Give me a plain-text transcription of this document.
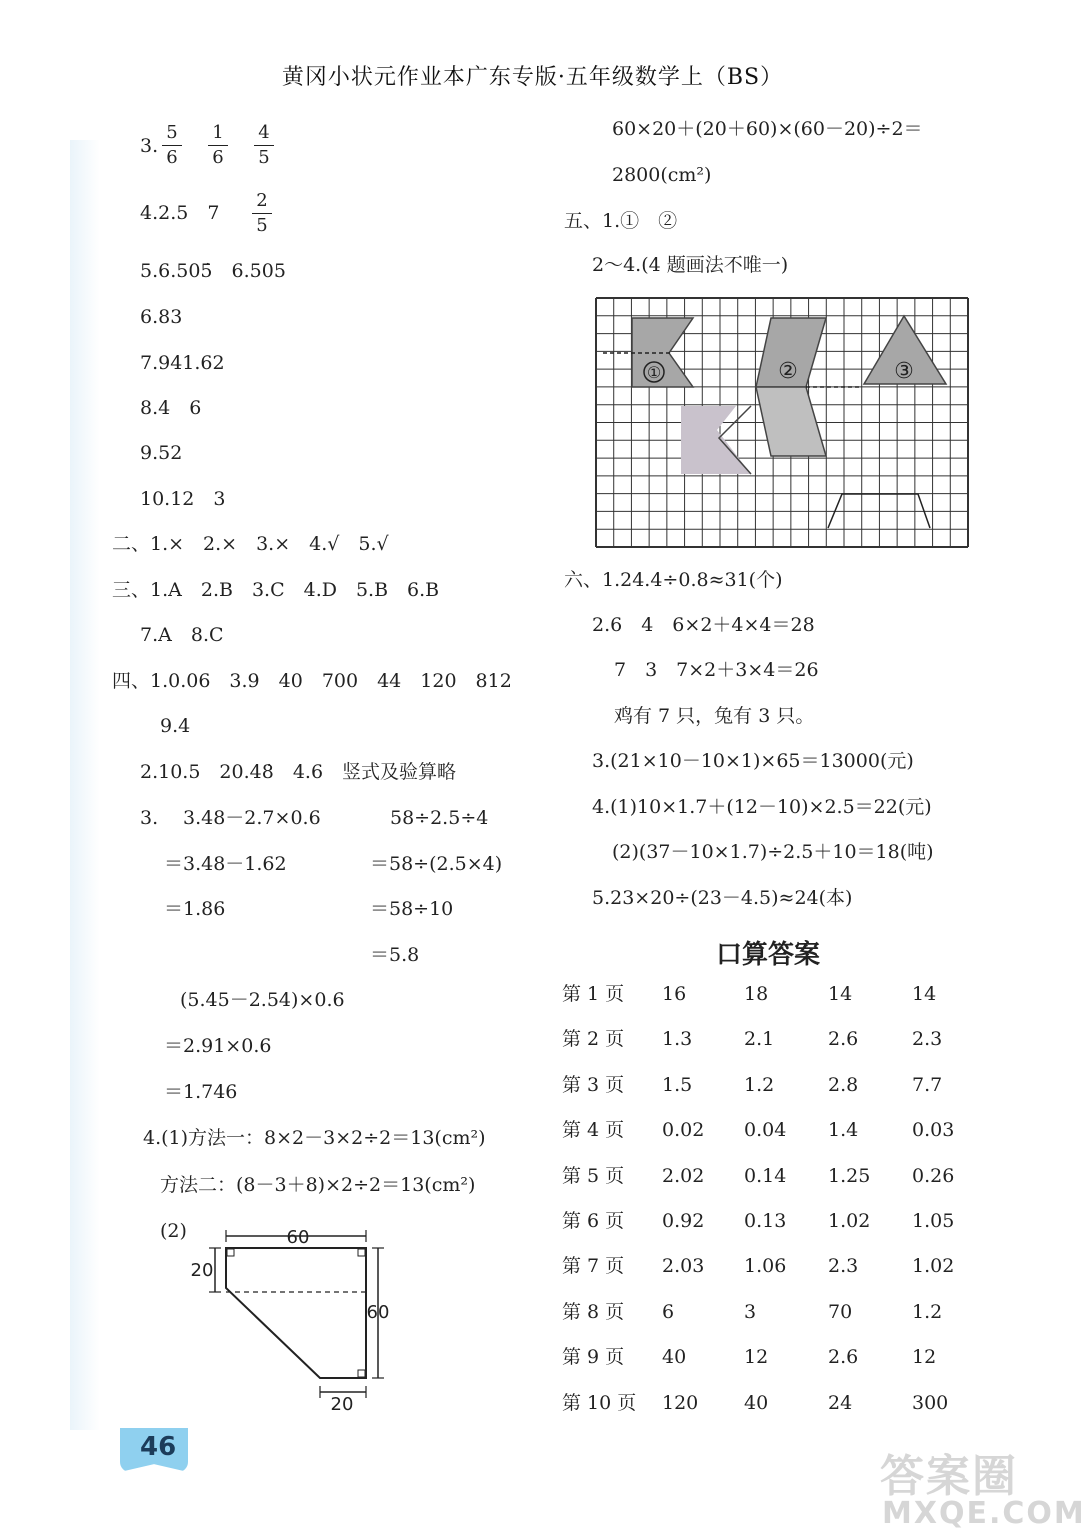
黄冈小状元作业本广东专版·五年级数学上（BS）
3.
5
6
1
6
4
5
4.2.5　7
2
5
5.6.505̇　6.505
6.83
7.941.62
8.4　6
9.52
10.12　3
二、1.×　2.×　3.×　4.√　5.√
三、1.A　2.B　3.C　4.D　5.B　6.B
7.A　8.C
四、1.0.06　3.9　40　700　44　120　812
9.4
2.10.5　20.48̇　4.6　竖式及验算略
3. 3.48－2.7×0.6
＝3.48－1.62
＝1.86
58÷2.5÷4
＝58÷(2.5×4)
＝58÷10
＝5.8
(5.45－2.54)×0.6
＝2.91×0.6
＝1.746
4.(1)方法一：8×2－3×2÷2＝13(cm²)
方法二：(8－3＋8)×2÷2＝13(cm²)
(2)	60
20
60
20
60×20＋(20＋60)×(60－20)÷2＝
2800(cm²)
五、1.①　②
2～4.(4 题画法不唯一)
①	②	③
六、1.24.4÷0.8≈31(个)
2.6　4　6×2＋4×4＝28
7　3　7×2＋3×4＝26
鸡有 7 只，兔有 3 只。
3.(21×10－10×1)×65＝13000(元)
4.(1)10×1.7＋(12－10)×2.5＝22(元)
(2)(37－10×1.7)÷2.5＋10＝18(吨)
5.23×20÷(23－4.5)≈24(本)
口算答案
第 1 页 16	18	14	14
第 2 页 1.3	2.1	2.6	2.3
第 3 页 1.5	1.2	2.8	7.7
第 4 页 0.02 0.04 1.4	0.03
第 5 页 2.02 0.14 1.25 0.26
第 6 页 0.92 0.13 1.02 1.05
第 7 页 2.03 1.06 2.3	1.02
第 8 页 6	3	70	1.2
第 9 页 40	12	2.6	12
第 10 页 120 40	24	300
46
答案圈
MXQE.COM
